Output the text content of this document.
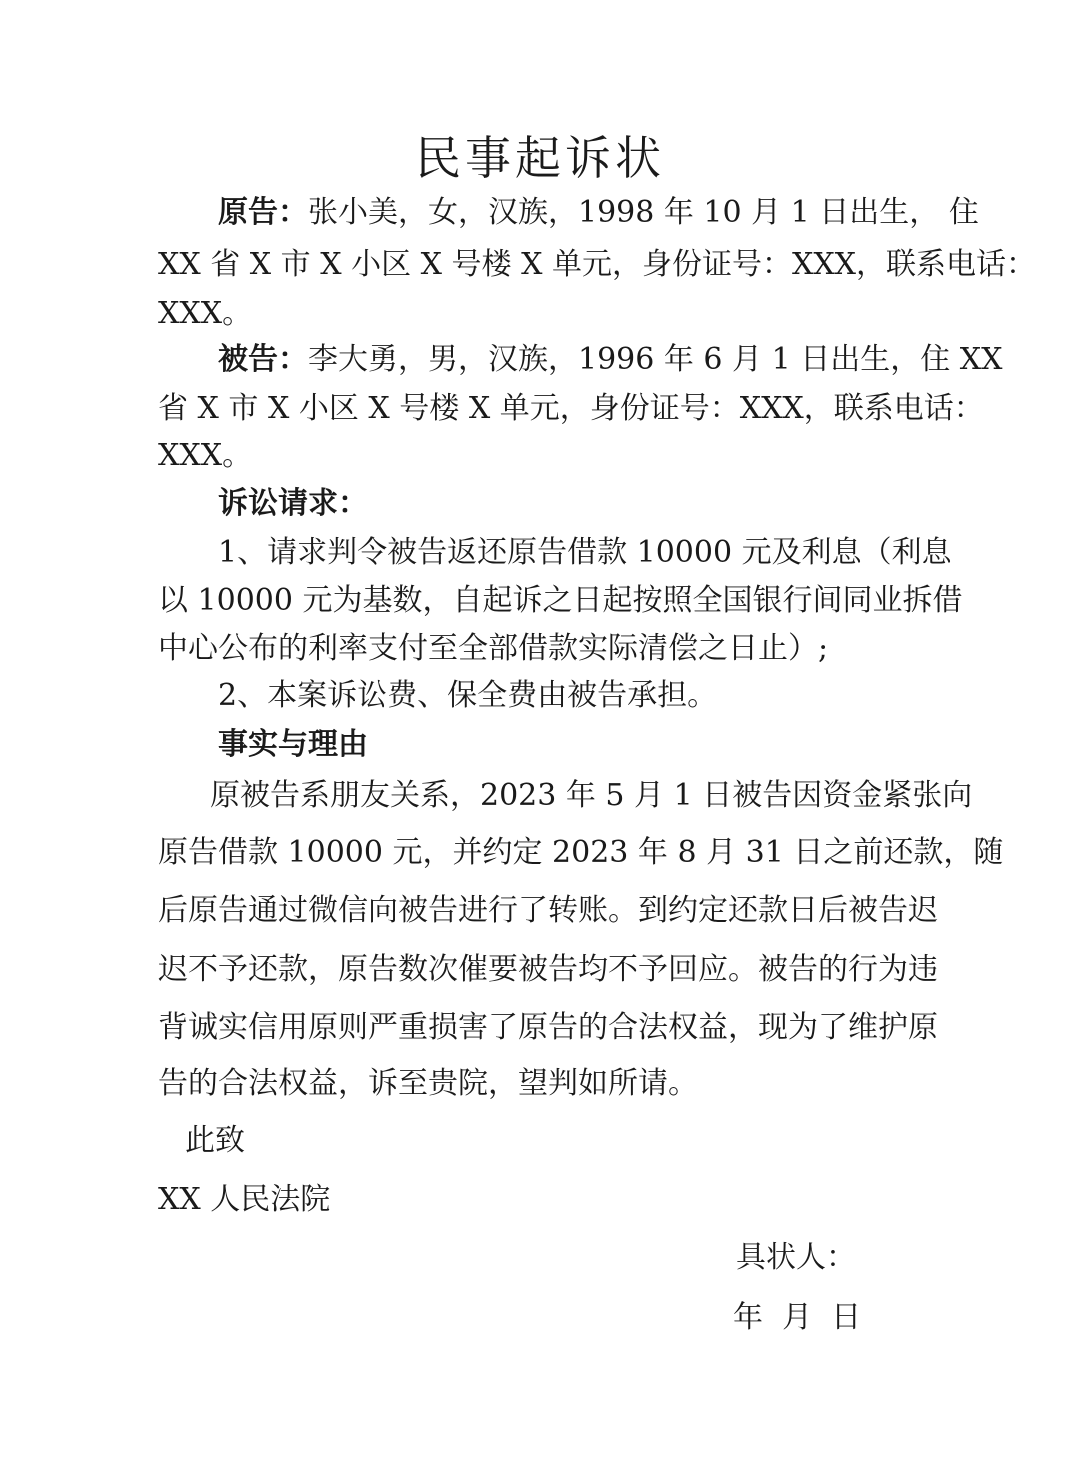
民事起诉状
原告：张小美，女，汉族，1998 年 10 月 1 日出生， 住
XX 省 X 市 X 小区 X 号楼 X 单元，身份证号：XXX，联系电话：
XXX。
被告：李大勇，男，汉族，1996 年 6 月 1 日出生，住 XX
省 X 市 X 小区 X 号楼 X 单元，身份证号：XXX，联系电话：
XXX。
诉讼请求：
1、请求判令被告返还原告借款 10000 元及利息（利息
以 10000 元为基数，自起诉之日起按照全国银行间同业拆借
中心公布的利率支付至全部借款实际清偿之日止）;
2、本案诉讼费、保全费由被告承担。
事实与理由
原被告系朋友关系，2023 年 5 月 1 日被告因资金紧张向
原告借款 10000 元，并约定 2023 年 8 月 31 日之前还款，随
后原告通过微信向被告进行了转账。到约定还款日后被告迟
迟不予还款，原告数次催要被告均不予回应。被告的行为违
背诚实信用原则严重损害了原告的合法权益，现为了维护原
告的合法权益，诉至贵院，望判如所请。
此致
XX 人民法院
具状人：
年  月  日
